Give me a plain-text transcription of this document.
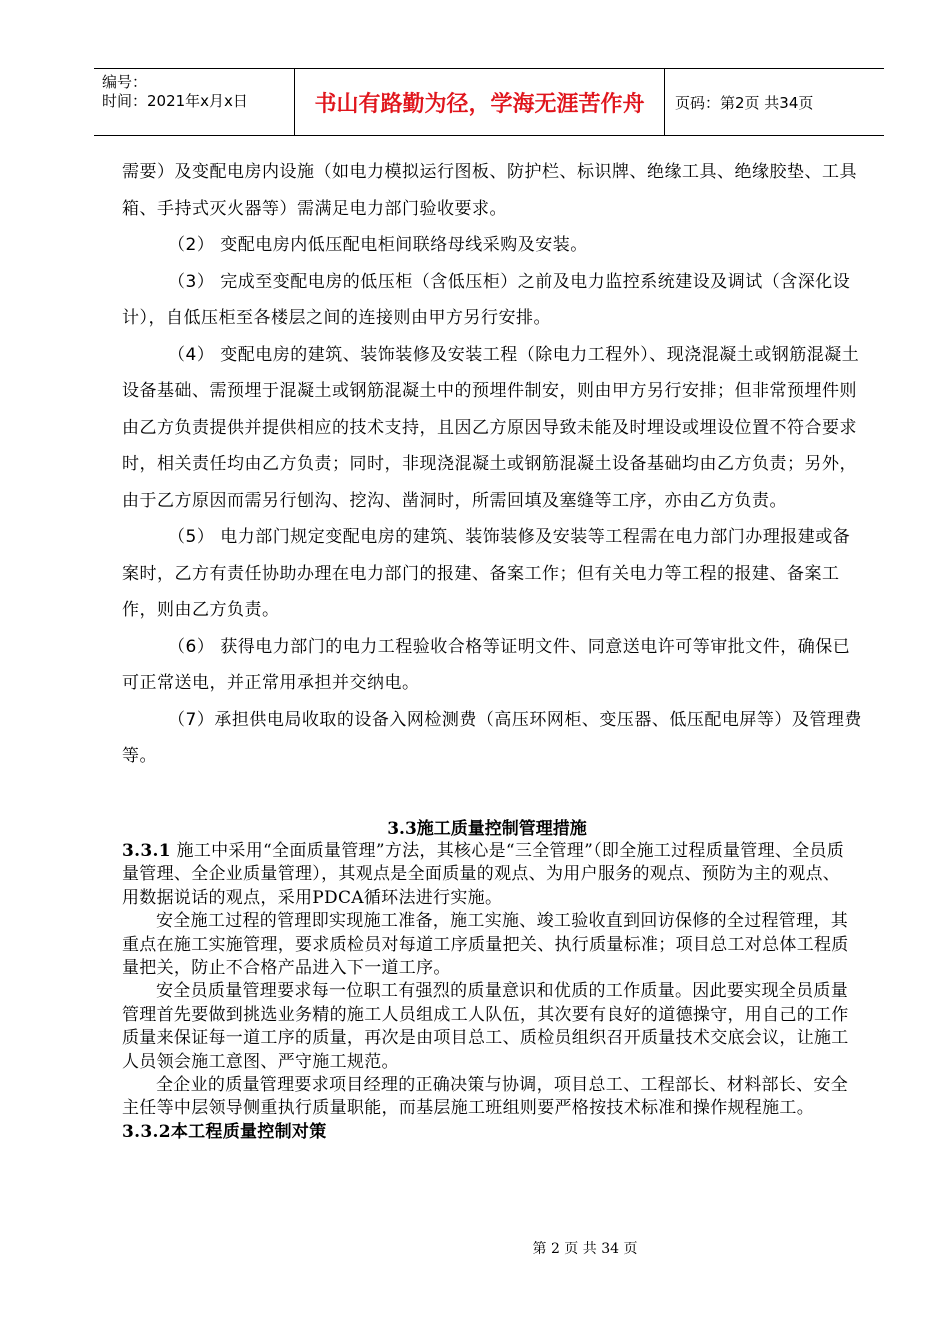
编号：
时间：2021年x月x日	书山有路勤为径，学海无涯苦作舟	页码：第2页 共34页

需要）及变配电房内设施（如电力模拟运行图板、防护栏、标识牌、绝缘工具、绝缘胶垫、工具箱、手持式灭火器等）需满足电力部门验收要求。

（2） 变配电房内低压配电柜间联络母线采购及安装。

（3） 完成至变配电房的低压柜（含低压柜）之前及电力监控系统建设及调试（含深化设计），自低压柜至各楼层之间的连接则由甲方另行安排。

（4） 变配电房的建筑、装饰装修及安装工程（除电力工程外）、现浇混凝土或钢筋混凝土设备基础、需预埋于混凝土或钢筋混凝土中的预埋件制安，则由甲方另行安排；但非常预埋件则由乙方负责提供并提供相应的技术支持，且因乙方原因导致未能及时埋设或埋设位置不符合要求时，相关责任均由乙方负责；同时，非现浇混凝土或钢筋混凝土设备基础均由乙方负责；另外，由于乙方原因而需另行刨沟、挖沟、凿洞时，所需回填及塞缝等工序，亦由乙方负责。

（5） 电力部门规定变配电房的建筑、装饰装修及安装等工程需在电力部门办理报建或备案时，乙方有责任协助办理在电力部门的报建、备案工作；但有关电力等工程的报建、备案工作，则由乙方负责。

（6） 获得电力部门的电力工程验收合格等证明文件、同意送电许可等审批文件，确保已可正常送电，并正常用承担并交纳电。

（7）承担供电局收取的设备入网检测费（高压环网柜、变压器、低压配电屏等）及管理费等。

3.3施工质量控制管理措施

3.3.1 施工中采用“全面质量管理”方法，其核心是“三全管理”（即全施工过程质量管理、全员质量管理、全企业质量管理），其观点是全面质量的观点、为用户服务的观点、预防为主的观点、用数据说话的观点，采用PDCA循环法进行实施。

安全施工过程的管理即实现施工准备，施工实施、竣工验收直到回访保修的全过程管理，其重点在施工实施管理，要求质检员对每道工序质量把关、执行质量标准；项目总工对总体工程质量把关，防止不合格产品进入下一道工序。

安全员质量管理要求每一位职工有强烈的质量意识和优质的工作质量。因此要实现全员质量管理首先要做到挑选业务精的施工人员组成工人队伍，其次要有良好的道德操守，用自己的工作质量来保证每一道工序的质量，再次是由项目总工、质检员组织召开质量技术交底会议，让施工人员领会施工意图、严守施工规范。

全企业的质量管理要求项目经理的正确决策与协调，项目总工、工程部长、材料部长、安全主任等中层领导侧重执行质量职能，而基层施工班组则要严格按技术标准和操作规程施工。

3.3.2本工程质量控制对策

第 2 页 共 34 页
